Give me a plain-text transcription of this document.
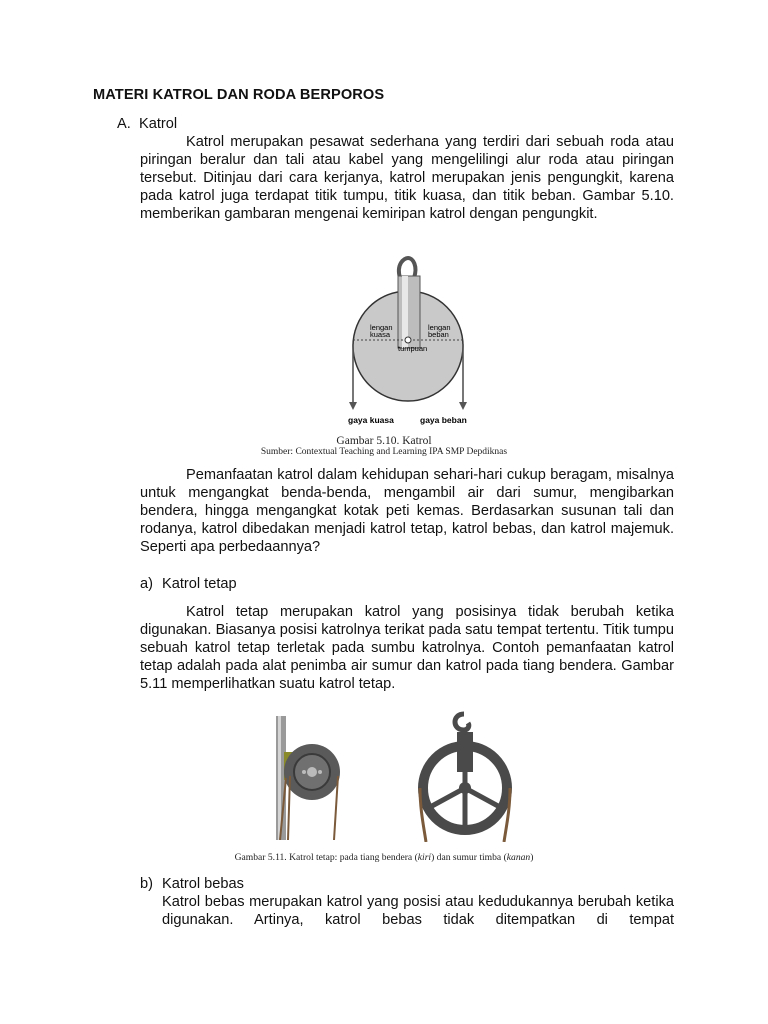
MATERI KATROL DAN RODA BERPOROS
A. Katrol

Katrol merupakan pesawat sederhana yang terdiri dari sebuah roda atau piringan beralur dan tali atau kabel yang mengelilingi alur roda atau piringan tersebut. Ditinjau dari cara kerjanya, katrol merupakan jenis pengungkit, karena pada katrol juga terdapat titik tumpu, titik kuasa, dan titik beban. Gambar 5.10. memberikan gambaran mengenai kemiripan katrol dengan pengungkit.

lengan
kuasa
lengan
beban
tumpuan
gaya kuasa	gaya beban
Gambar 5.10. Katrol
Sumber: Contextual Teaching and Learning IPA SMP Depdiknas

Pemanfaatan katrol dalam kehidupan sehari-hari cukup beragam, misalnya untuk mengangkat benda-benda, mengambil air dari sumur, mengibarkan bendera, hingga mengangkat kotak peti kemas. Berdasarkan susunan tali dan rodanya, katrol dibedakan menjadi katrol tetap, katrol bebas, dan katrol majemuk. Seperti apa perbedaannya?

a) Katrol tetap

Katrol tetap merupakan katrol yang posisinya tidak berubah ketika digunakan. Biasanya posisi katrolnya terikat pada satu tempat tertentu. Titik tumpu sebuah katrol tetap terletak pada sumbu katrolnya. Contoh pemanfaatan katrol tetap adalah pada alat penimba air sumur dan katrol pada tiang bendera. Gambar 5.11 memperlihatkan suatu katrol tetap.

Gambar 5.11. Katrol tetap: pada tiang bendera (kiri) dan sumur timba (kanan)
b) Katrol bebas

Katrol bebas merupakan katrol yang posisi atau kedudukannya berubah ketika digunakan. Artinya, katrol bebas tidak ditempatkan di tempat
